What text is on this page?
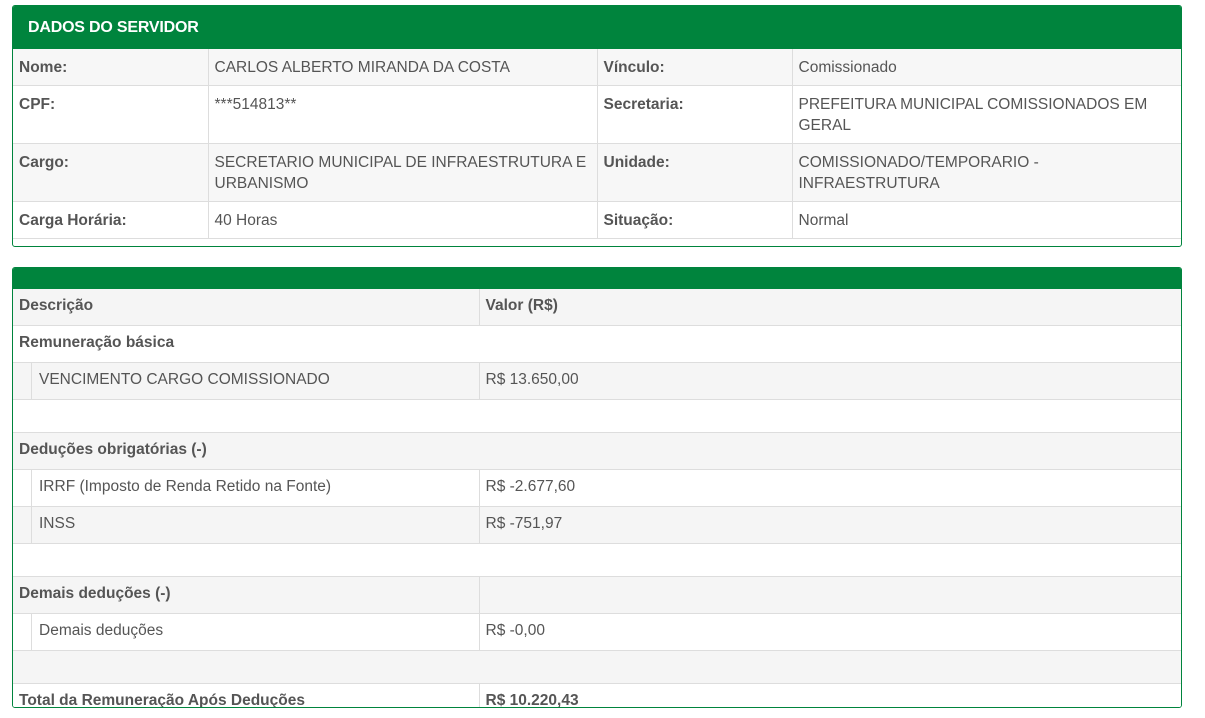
DADOS DO SERVIDOR
Nome:	CARLOS ALBERTO MIRANDA DA COSTA	Vínculo:	Comissionado
CPF:	***514813**	Secretaria:	PREFEITURA MUNICIPAL COMISSIONADOS EM GERAL
Cargo:	SECRETARIO MUNICIPAL DE INFRAESTRUTURA E URBANISMO	Unidade:	COMISSIONADO/TEMPORARIO - INFRAESTRUTURA
Carga Horária:	40 Horas	Situação:	Normal
Descrição	Valor (R$)
Remuneração básica	

VENCIMENTO CARGO COMISSIONADO	R$ 13.650,00

Deduções obrigatórias (-)	

IRRF (Imposto de Renda Retido na Fonte)	R$ -2.677,60

INSS	R$ -751,97

Demais deduções (-)	

Demais deduções	R$ -0,00

Total da Remuneração Após Deduções	R$ 10.220,43
